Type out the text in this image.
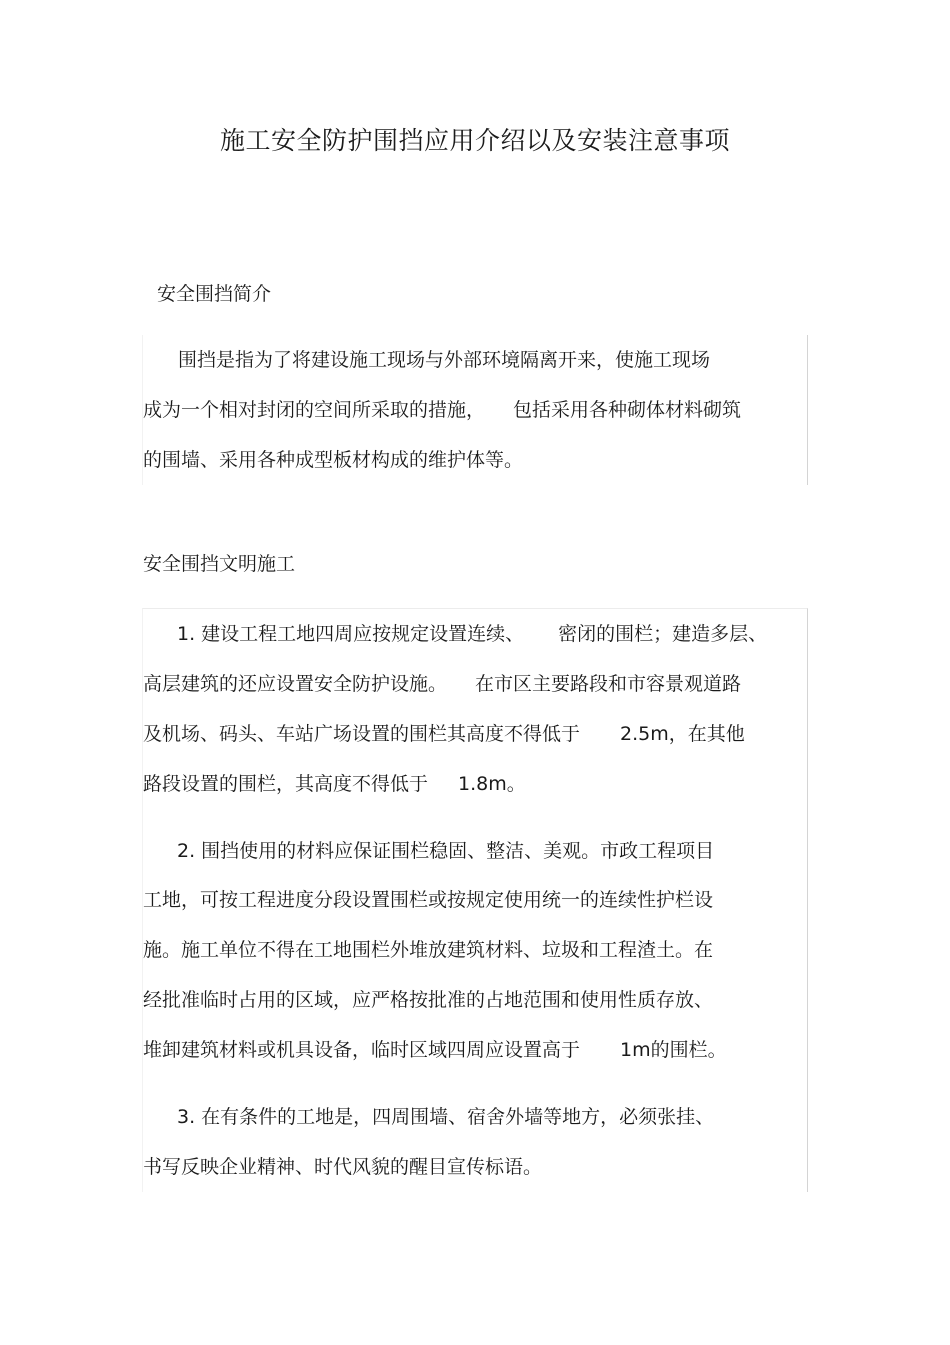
施工安全防护围挡应用介绍以及安装注意事项
安全围挡简介
围挡是指为了将建设施工现场与外部环境隔离开来，使施工现场
成为一个相对封闭的空间所采取的措施， 包括采用各种砌体材料砌筑
的围墙、采用各种成型板材构成的维护体等。
安全围挡文明施工
1. 建设工程工地四周应按规定设置连续、 密闭的围栏；建造多层、
高层建筑的还应设置安全防护设施。 在市区主要路段和市容景观道路
及机场、码头、车站广场设置的围栏其高度不得低于 2.5m，在其他
路段设置的围栏，其高度不得低于 1.8m。
2. 围挡使用的材料应保证围栏稳固、整洁、美观。市政工程项目
工地，可按工程进度分段设置围栏或按规定使用统一的连续性护栏设
施。施工单位不得在工地围栏外堆放建筑材料、垃圾和工程渣土。在
经批准临时占用的区域，应严格按批准的占地范围和使用性质存放、
堆卸建筑材料或机具设备，临时区域四周应设置高于 1m的围栏。
3. 在有条件的工地是，四周围墙、宿舍外墙等地方，必须张挂、
书写反映企业精神、时代风貌的醒目宣传标语。
